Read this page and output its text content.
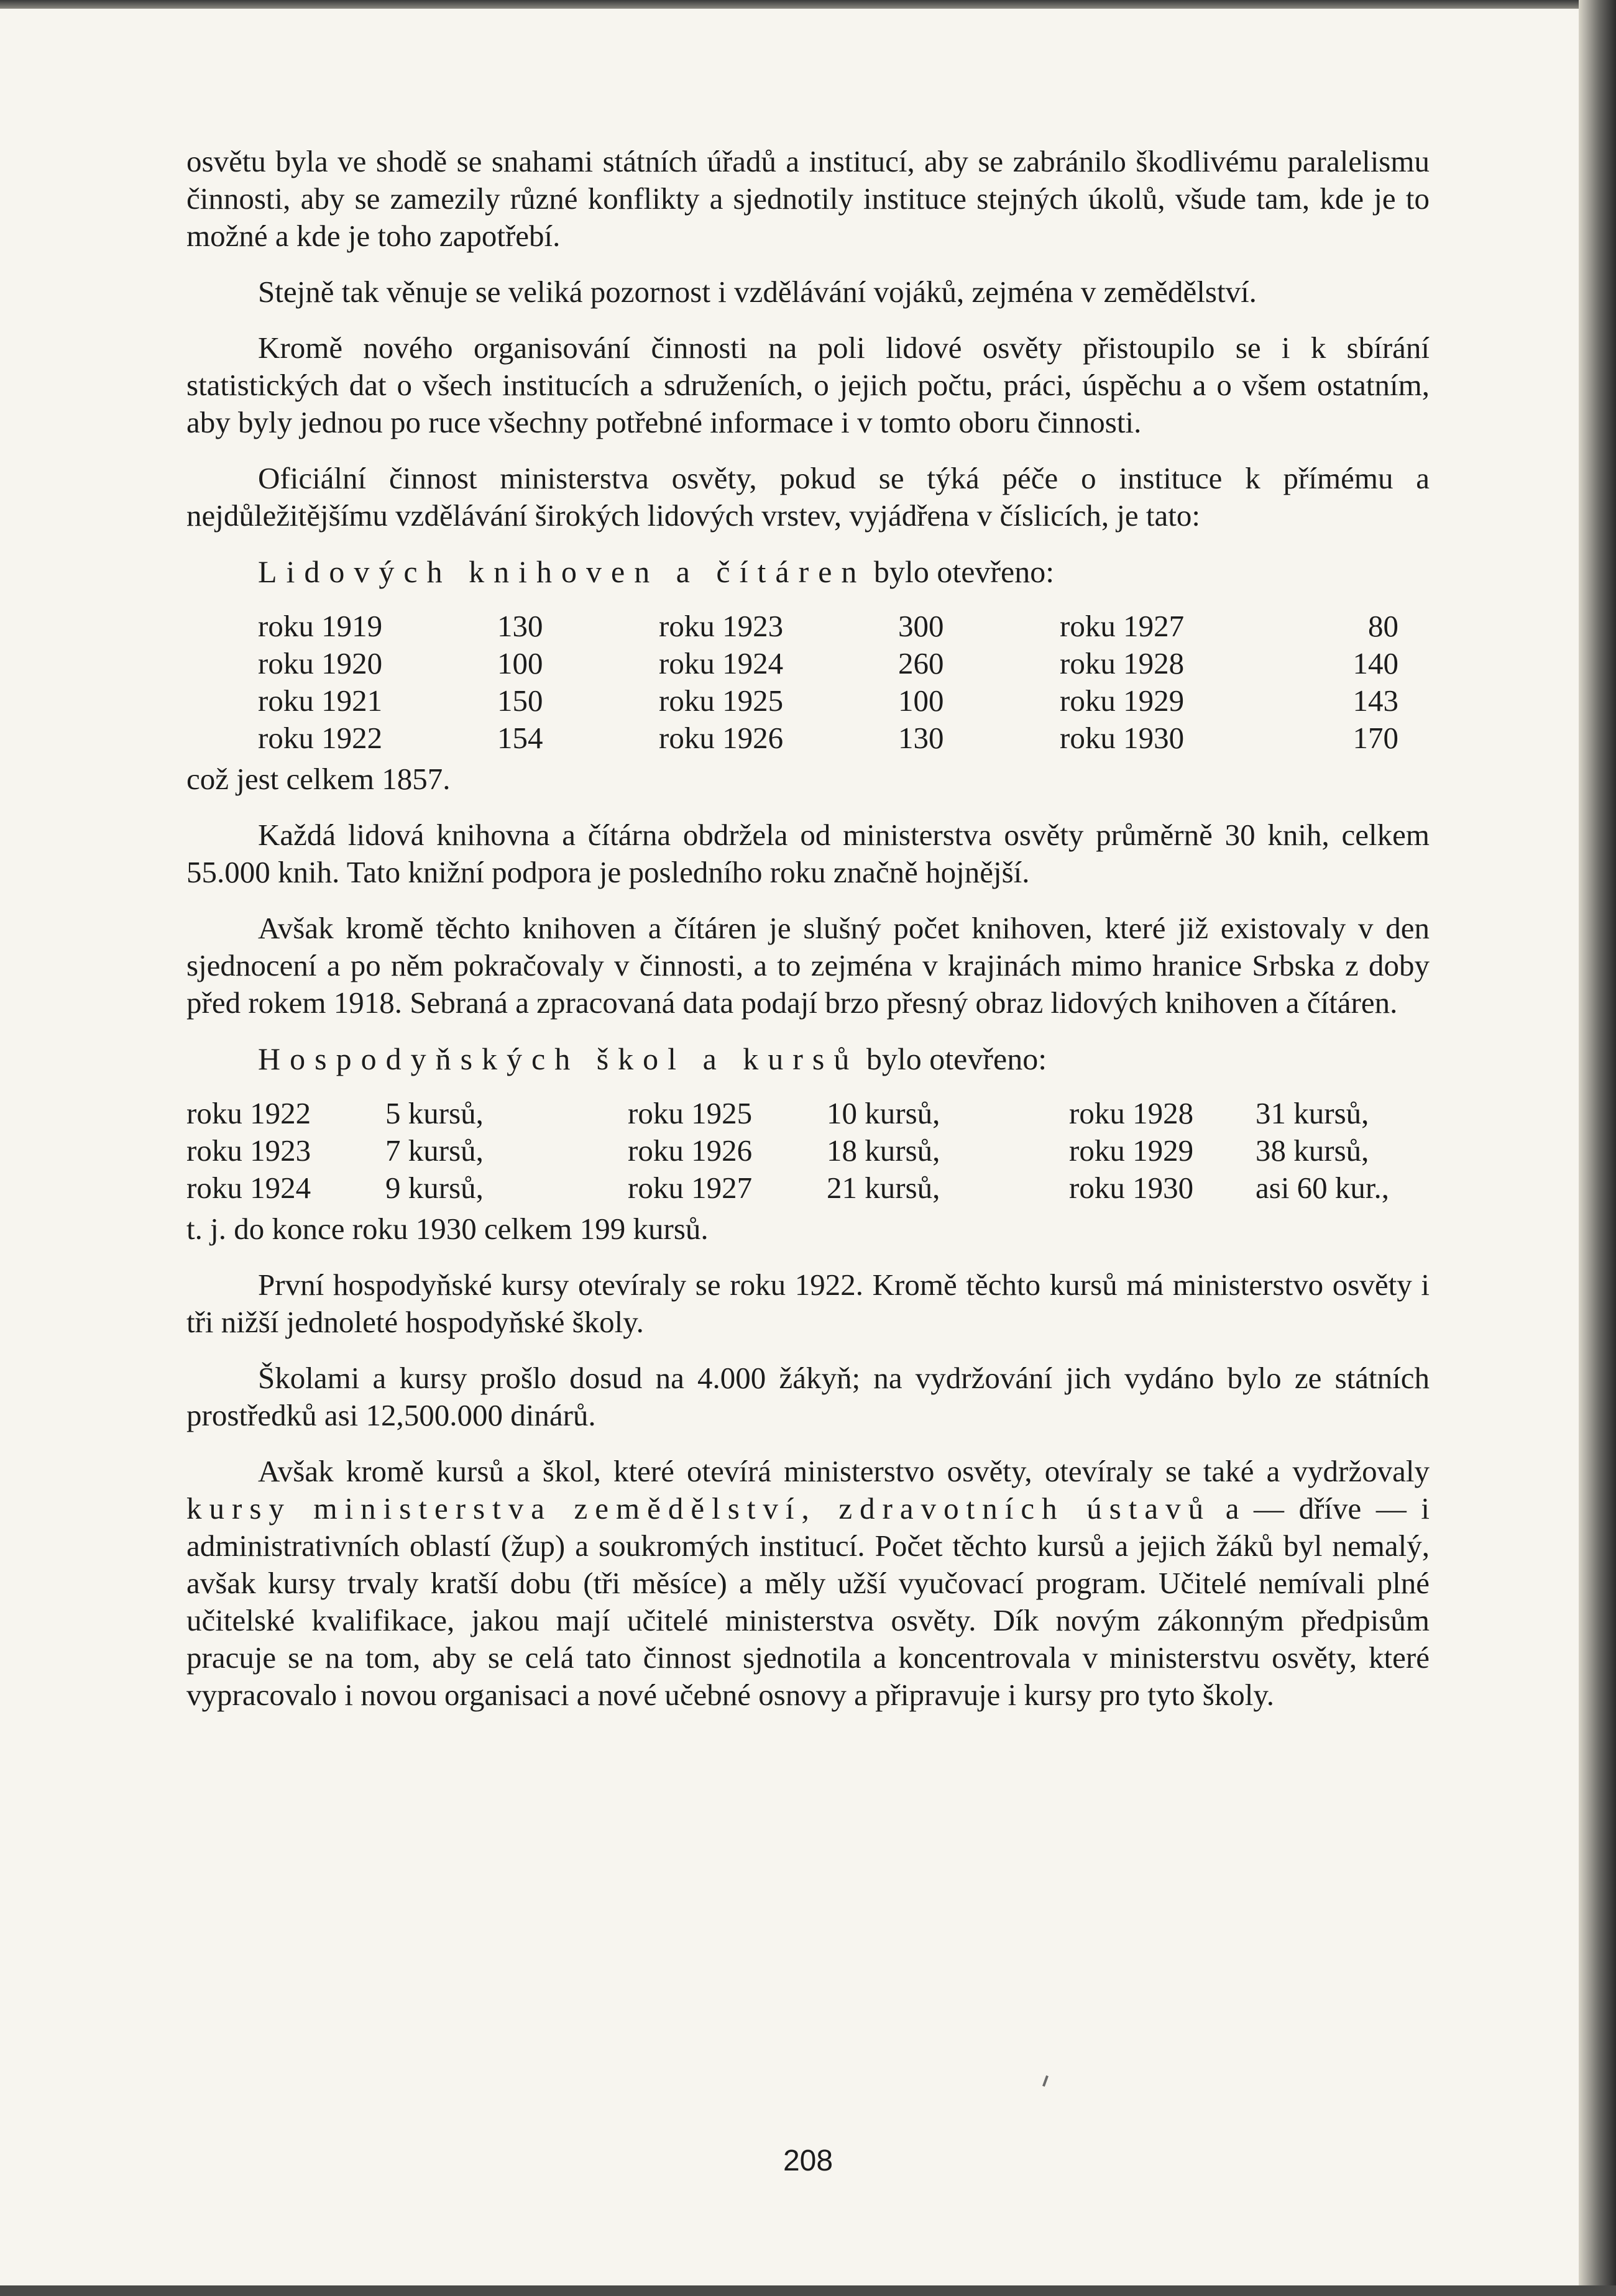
osvětu byla ve shodě se snahami státních úřadů a institucí, aby se zabránilo škodlivému paralelismu činnosti, aby se zamezily různé konflikty a sjednotily instituce stejných úkolů, všude tam, kde je to možné a kde je toho zapotřebí.

Stejně tak věnuje se veliká pozornost i vzdělávání vojáků, zejména v zemědělství.

Kromě nového organisování činnosti na poli lidové osvěty přistoupilo se i k sbírání statistických dat o všech institucích a sdruženích, o jejich počtu, práci, úspěchu a o všem ostatním, aby byly jednou po ruce všechny potřebné informace i v tomto oboru činnosti.

Oficiální činnost ministerstva osvěty, pokud se týká péče o instituce k přímému a nejdůležitějšímu vzdělávání širokých lidových vrstev, vyjádřena v číslicích, je tato:

Lidových knihoven a čítáren bylo otevřeno:
roku 1919	130	roku 1923	300	roku 1927	80
roku 1920	100	roku 1924	260	roku 1928	140
roku 1921	150	roku 1925	100	roku 1929	143
roku 1922	154	roku 1926	130	roku 1930	170

což jest celkem 1857.

Každá lidová knihovna a čítárna obdržela od ministerstva osvěty průměrně 30 knih, celkem 55.000 knih. Tato knižní podpora je posledního roku značně hojnější.

Avšak kromě těchto knihoven a čítáren je slušný počet knihoven, které již existovaly v den sjednocení a po něm pokračovaly v činnosti, a to zejména v krajinách mimo hranice Srbska z doby před rokem 1918. Sebraná a zpracovaná data podají brzo přesný obraz lidových knihoven a čítáren.

Hospodyňských škol a kursů bylo otevřeno:
roku 1922	5 kursů,	roku 1925	10 kursů,	roku 1928	31 kursů,
roku 1923	7 kursů,	roku 1926	18 kursů,	roku 1929	38 kursů,
roku 1924	9 kursů,	roku 1927	21 kursů,	roku 1930	asi 60 kur.,

t. j. do konce roku 1930 celkem 199 kursů.

První hospodyňské kursy otevíraly se roku 1922. Kromě těchto kursů má ministerstvo osvěty i tři nižší jednoleté hospodyňské školy.

Školami a kursy prošlo dosud na 4.000 žákyň; na vydržování jich vydáno bylo ze státních prostředků asi 12,500.000 dinárů.

Avšak kromě kursů a škol, které otevírá ministerstvo osvěty, otevíraly se také a vydržovaly kursy ministerstva zemědělství, zdravotních ústavů a — dříve — i administrativních oblastí (žup) a soukromých institucí. Počet těchto kursů a jejich žáků byl nemalý, avšak kursy trvaly kratší dobu (tři měsíce) a měly užší vyučovací program. Učitelé nemívali plné učitelské kvalifikace, jakou mají učitelé ministerstva osvěty. Dík novým zákonným předpisům pracuje se na tom, aby se celá tato činnost sjednotila a koncentrovala v ministerstvu osvěty, které vypracovalo i novou organisaci a nové učebné osnovy a připravuje i kursy pro tyto školy.

208
